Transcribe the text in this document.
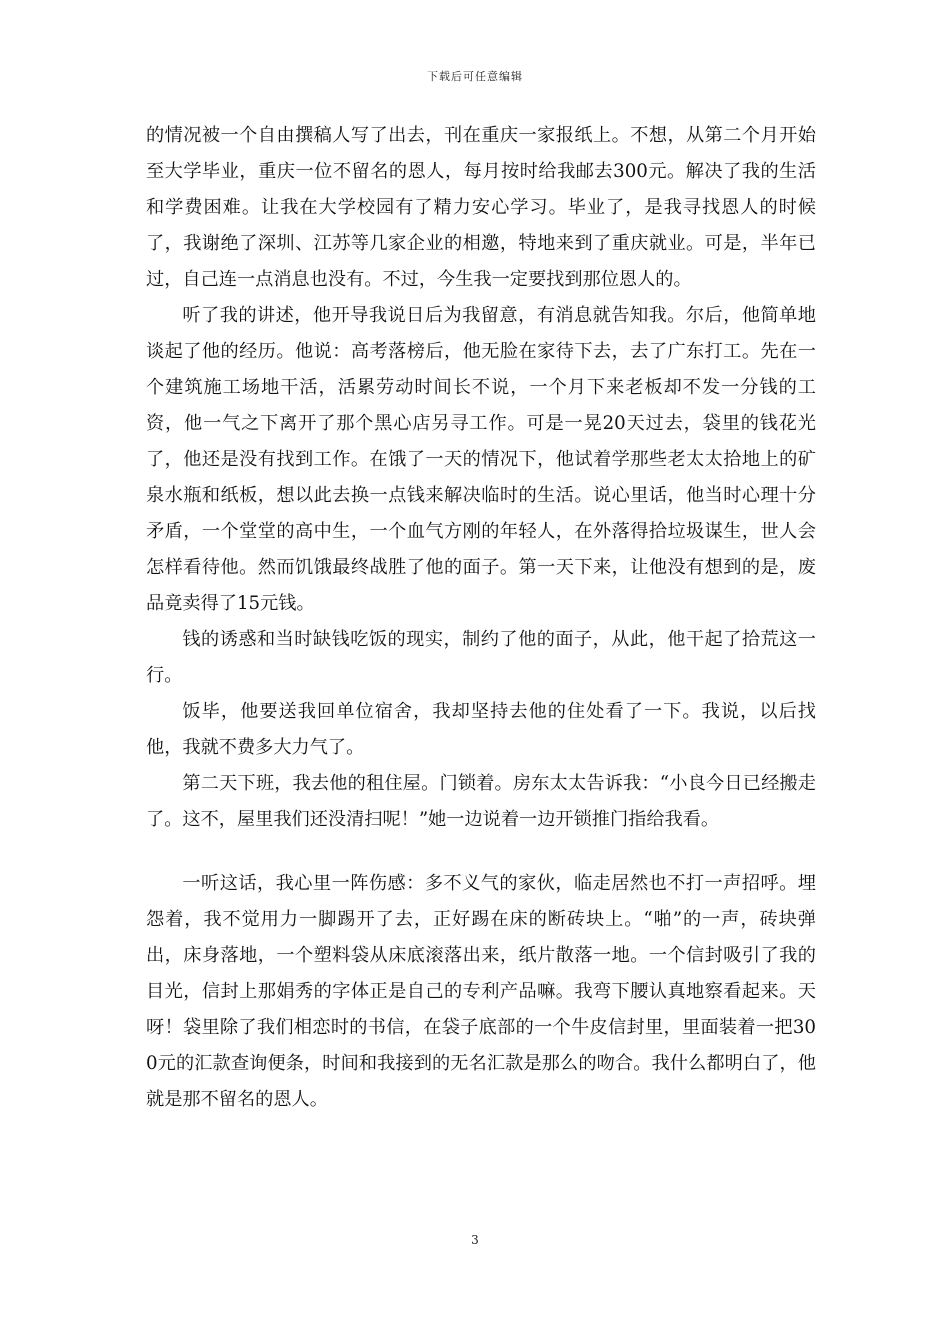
下载后可任意编辑

的情况被一个自由撰稿人写了出去，刊在重庆一家报纸上。不想，从第二个月开始至大学毕业，重庆一位不留名的恩人，每月按时给我邮去300元。解决了我的生活和学费困难。让我在大学校园有了精力安心学习。毕业了，是我寻找恩人的时候了，我谢绝了深圳、江苏等几家企业的相邀，特地来到了重庆就业。可是，半年已过，自己连一点消息也没有。不过，今生我一定要找到那位恩人的。

听了我的讲述，他开导我说日后为我留意，有消息就告知我。尔后，他简单地谈起了他的经历。他说：高考落榜后，他无脸在家待下去，去了广东打工。先在一个建筑施工场地干活，活累劳动时间长不说，一个月下来老板却不发一分钱的工资，他一气之下离开了那个黑心店另寻工作。可是一晃20天过去，袋里的钱花光了，他还是没有找到工作。在饿了一天的情况下，他试着学那些老太太拾地上的矿泉水瓶和纸板，想以此去换一点钱来解决临时的生活。说心里话，他当时心理十分矛盾，一个堂堂的高中生，一个血气方刚的年轻人，在外落得拾垃圾谋生，世人会怎样看待他。然而饥饿最终战胜了他的面子。第一天下来，让他没有想到的是，废品竟卖得了15元钱。

钱的诱惑和当时缺钱吃饭的现实，制约了他的面子，从此，他干起了拾荒这一行。

饭毕，他要送我回单位宿舍，我却坚持去他的住处看了一下。我说，以后找他，我就不费多大力气了。

第二天下班，我去他的租住屋。门锁着。房东太太告诉我：“小良今日已经搬走了。这不，屋里我们还没清扫呢！”她一边说着一边开锁推门指给我看。

一听这话，我心里一阵伤感：多不义气的家伙，临走居然也不打一声招呼。埋怨着，我不觉用力一脚踢开了去，正好踢在床的断砖块上。“啪”的一声，砖块弹出，床身落地，一个塑料袋从床底滚落出来，纸片散落一地。一个信封吸引了我的目光，信封上那娟秀的字体正是自己的专利产品嘛。我弯下腰认真地察看起来。天呀！袋里除了我们相恋时的书信，在袋子底部的一个牛皮信封里，里面装着一把300元的汇款查询便条，时间和我接到的无名汇款是那么的吻合。我什么都明白了，他就是那不留名的恩人。

3
